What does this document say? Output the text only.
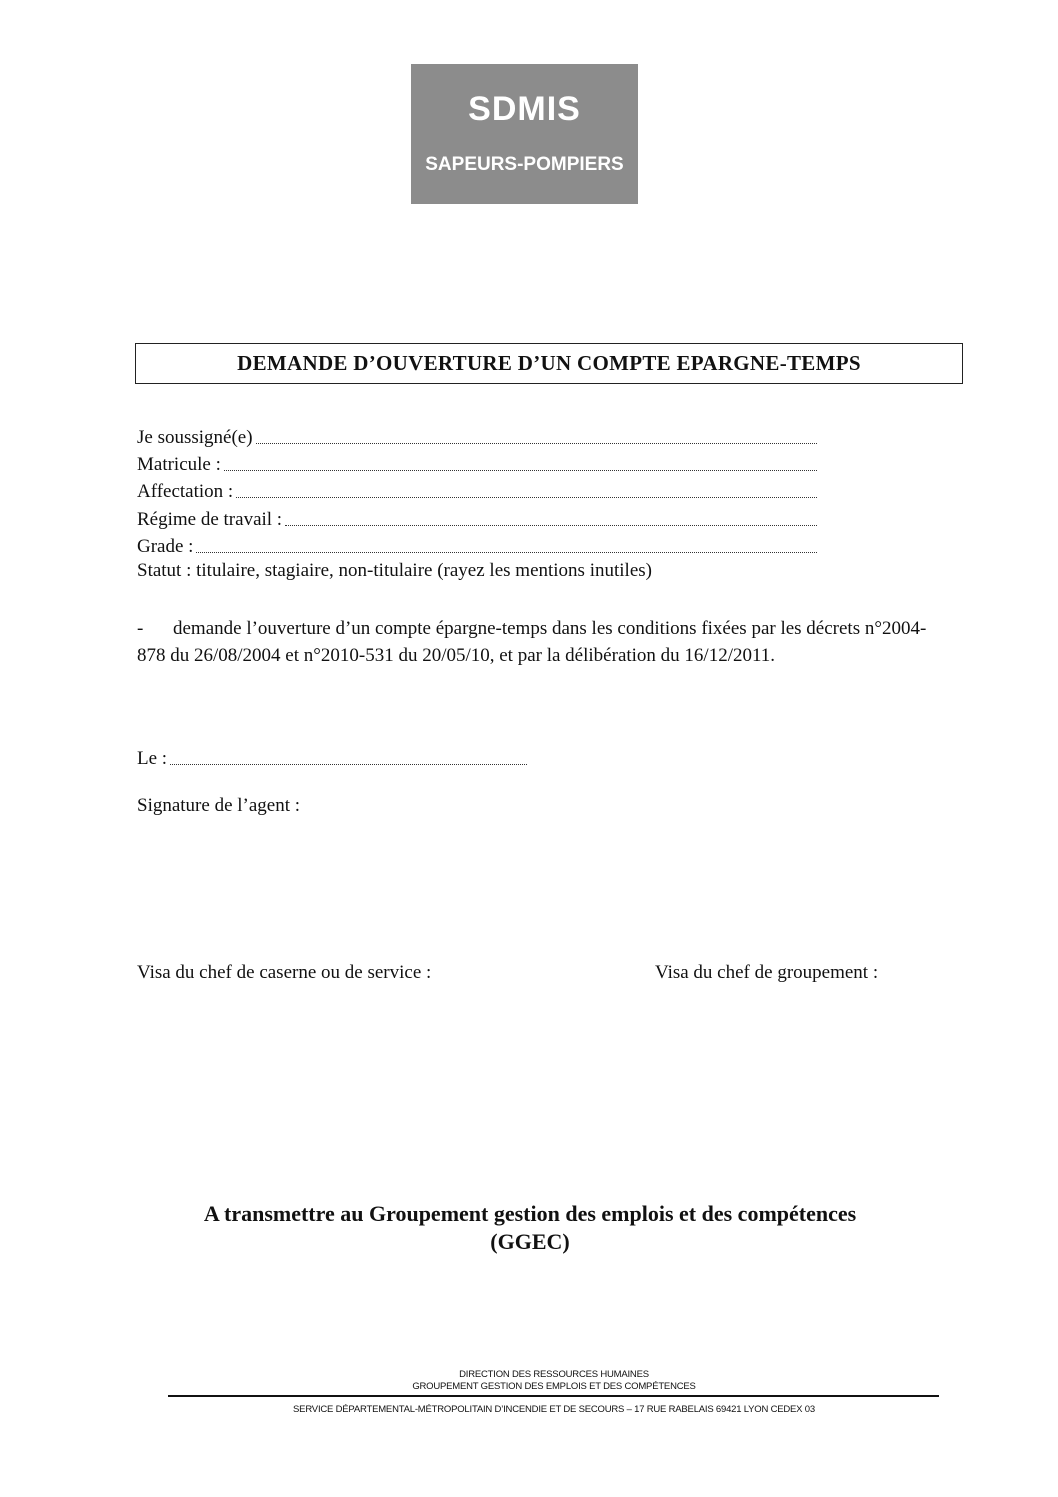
SDMIS
SAPEURS-POMPIERS
DEMANDE D’OUVERTURE D’UN COMPTE EPARGNE-TEMPS
Je soussigné(e)
Matricule :
Affectation :
Régime de travail :
Grade :
Statut : titulaire, stagiaire, non-titulaire (rayez les mentions inutiles)
- demande l’ouverture d’un compte épargne-temps dans les conditions fixées par les décrets n°2004-878 du 26/08/2004 et n°2010-531 du 20/05/10, et par la délibération du 16/12/2011.
Le :
Signature de l’agent :
Visa du chef de caserne ou de service :	Visa du chef de groupement :
A transmettre au Groupement gestion des emplois et des compétences
(GGEC)
DIRECTION DES RESSOURCES HUMAINES
GROUPEMENT GESTION DES EMPLOIS ET DES COMPÉTENCES
SERVICE DÉPARTEMENTAL-MÉTROPOLITAIN D’INCENDIE ET DE SECOURS – 17 RUE RABELAIS 69421 LYON CEDEX 03
